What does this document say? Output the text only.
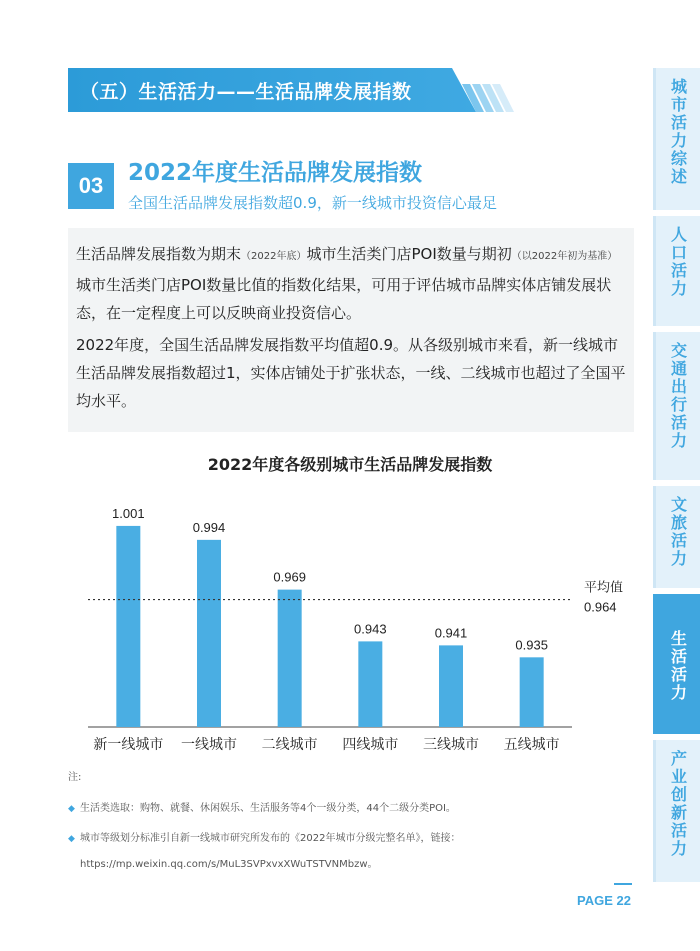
（五）生活活力——生活品牌发展指数
03	2022年度生活品牌发展指数
全国生活品牌发展指数超0.9，新一线城市投资信心最足

生活品牌发展指数为期末（2022年底）城市生活类门店POI数量与期初（以2022年初为基准）城市生活类门店POI数量比值的指数化结果，可用于评估城市品牌实体店铺发展状态，在一定程度上可以反映商业投资信心。

2022年度，全国生活品牌发展指数平均值超0.9。从各级别城市来看，新一线城市生活品牌发展指数超过1，实体店铺处于扩张状态，一线、二线城市也超过了全国平均水平。

2022年度各级别城市生活品牌发展指数
1.001
新一线城市
0.994
一线城市
0.969
二线城市
0.943
四线城市
0.941
三线城市
0.935
五线城市
平均值
0.964
注:
◆ 生活类选取：购物、就餐、休闲娱乐、生活服务等4个一级分类，44个二级分类POI。
◆ 城市等级划分标准引自新一线城市研究所发布的《2022年城市分级完整名单》，链接：https://mp.weixin.qq.com/s/MuL3SVPxvxXWuTSTVNMbzw。
PAGE 22
城市活力综述
人口活力
交通出行活力
文旅活力
生活活力
产业创新活力
